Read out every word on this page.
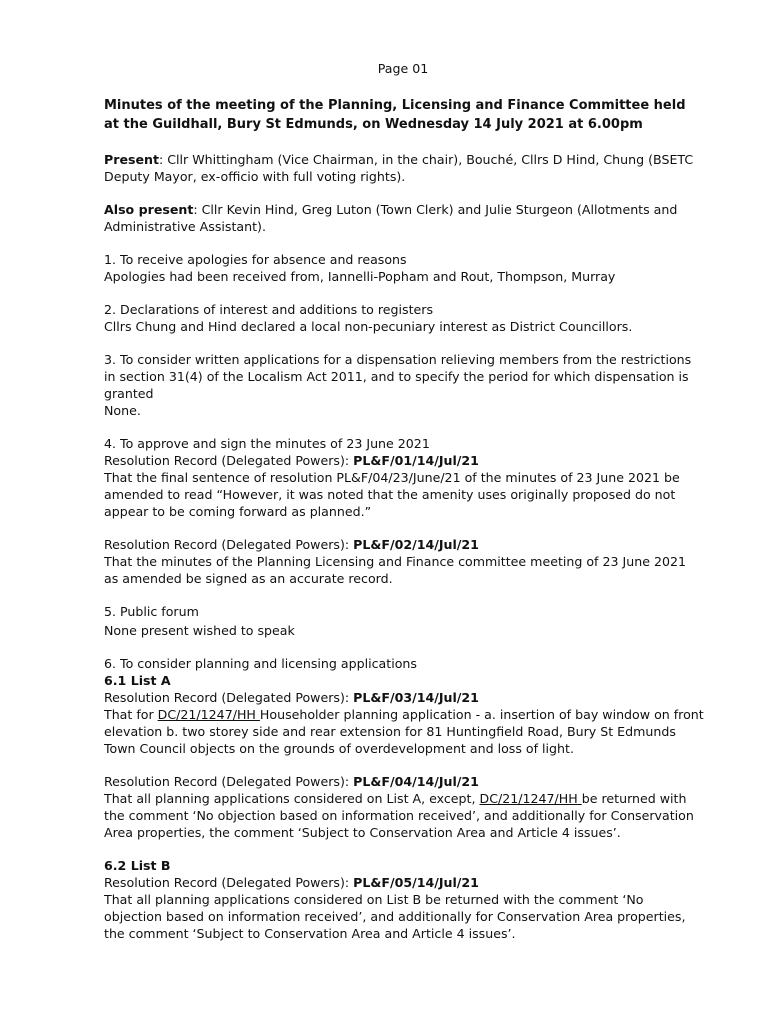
Page 01

Minutes of the meeting of the Planning, Licensing and Finance Committee held at the Guildhall, Bury St Edmunds, on Wednesday 14 July 2021 at 6.00pm

Present: Cllr Whittingham (Vice Chairman, in the chair), Bouché, Cllrs D Hind, Chung (BSETC Deputy Mayor, ex-officio with full voting rights).

Also present: Cllr Kevin Hind, Greg Luton (Town Clerk) and Julie Sturgeon (Allotments and Administrative Assistant).

1. To receive apologies for absence and reasons

Apologies had been received from, Iannelli-Popham and Rout, Thompson, Murray

2. Declarations of interest and additions to registers

Cllrs Chung and Hind declared a local non-pecuniary interest as District Councillors.

3. To consider written applications for a dispensation relieving members from the restrictions in section 31(4) of the Localism Act 2011, and to specify the period for which dispensation is granted

None.

4. To approve and sign the minutes of 23 June 2021

Resolution Record (Delegated Powers): PL&F/01/14/Jul/21

That the final sentence of resolution PL&F/04/23/June/21 of the minutes of 23 June 2021 be amended to read “However, it was noted that the amenity uses originally proposed do not appear to be coming forward as planned.”

Resolution Record (Delegated Powers): PL&F/02/14/Jul/21

That the minutes of the Planning Licensing and Finance committee meeting of 23 June 2021 as amended be signed as an accurate record.

5. Public forum

None present wished to speak

6. To consider planning and licensing applications

6.1 List A

Resolution Record (Delegated Powers): PL&F/03/14/Jul/21

That for DC/21/1247/HH Householder planning application - a. insertion of bay window on front elevation b. two storey side and rear extension for 81 Huntingfield Road, Bury St Edmunds Town Council objects on the grounds of overdevelopment and loss of light.

Resolution Record (Delegated Powers): PL&F/04/14/Jul/21

That all planning applications considered on List A, except, DC/21/1247/HH be returned with the comment ‘No objection based on information received’, and additionally for Conservation Area properties, the comment ‘Subject to Conservation Area and Article 4 issues’.

6.2 List B

Resolution Record (Delegated Powers): PL&F/05/14/Jul/21

That all planning applications considered on List B be returned with the comment ‘No objection based on information received’, and additionally for Conservation Area properties, the comment ‘Subject to Conservation Area and Article 4 issues’.
